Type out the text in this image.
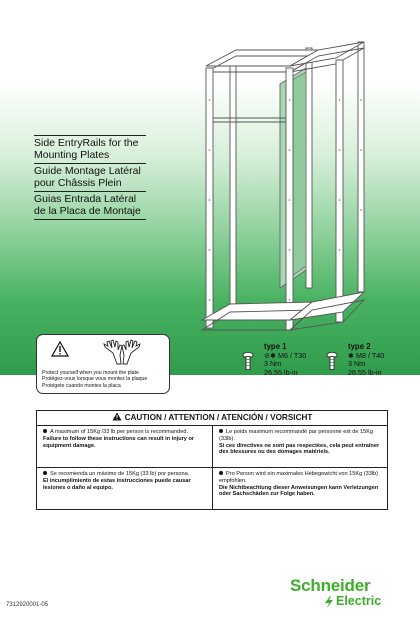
Side EntryRails for the
Mounting Plates
Guide Montage Latéral
pour Châssis Plein
Guias Entrada Latéral
de la Placa de Montaje
Protect yourself when you mount the plate
Protégez-vous lorsque vous montez la plaque
Protégete cuando montes la placa
type 1
⊘✱ M6 / T30
3 Nm
26.55 lb-in
type 2
✱ M8 / T40
3 Nm
26.55 lb-in
CAUTION / ATTENTION / ATENCIÓN / VORSICHT
A maximum of 15Kg /33 lb per person is recommanded.
Failure to follow these instructions can result in injury or equipment damage.
Le poids maximum recommandé par personne est de 15Kg (33lb).
Si ces directives ne sont pas respectées, cela peut entraîner des blessures ou des domages matériels.
Se recomienda un máximo de 15Kg (33 lb) por persona.
El incumplimiento de estas instrucciones puede causar lesiones o daño al equipo.
Pro Person wird ein maximales Hebegewicht von 15Kg (33lb) empfohlen.
Die Nichtbeachtung dieser Anweisungen kann Verletzungen oder Sachschäden zur Folge haben.
Schneider
Electric
7312920001-05
